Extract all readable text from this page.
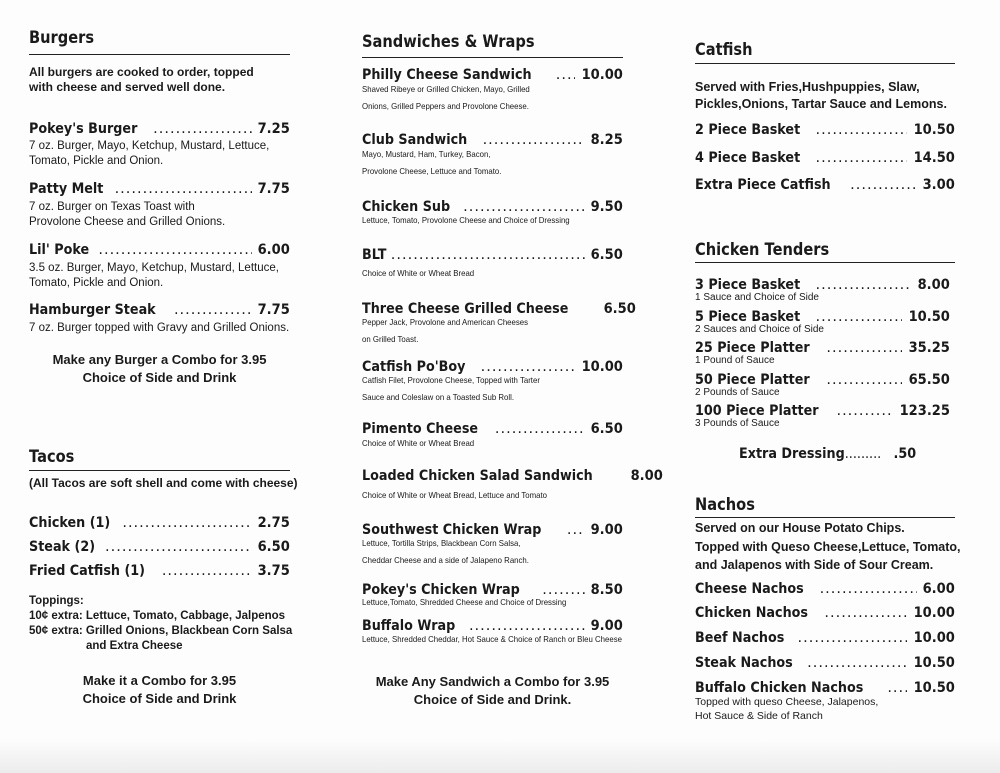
Burgers
All burgers are cooked to order, topped
with cheese and served well done.
Pokey's Burger .....	7.25
7 oz. Burger, Mayo, Ketchup, Mustard, Lettuce,
Tomato, Pickle and Onion.
Patty Melt .....	7.75
7 oz. Burger on Texas Toast with
Provolone Cheese and Grilled Onions.
Lil' Poke .....	6.00
3.5 oz. Burger, Mayo, Ketchup, Mustard, Lettuce,
Tomato, Pickle and Onion.
Hamburger Steak .....	7.75
7 oz. Burger topped with Gravy and Grilled Onions.
Make any Burger a Combo for 3.95
Choice of Side and Drink
Tacos
(All Tacos are soft shell and come with cheese)
Chicken (1) .....	2.75
Steak (2) .....	6.50
Fried Catfish (1) .....	3.75
Toppings:
10¢ extra: Lettuce, Tomato, Cabbage, Jalpenos
50¢ extra: Grilled Onions, Blackbean Corn Salsa
and Extra Cheese
Make it a Combo for 3.95
Choice of Side and Drink
Sandwiches & Wraps
Philly Cheese Sandwich .....	10.00
Shaved Ribeye or Grilled Chicken, Mayo, Grilled
Onions, Grilled Peppers and Provolone Cheese.
Club Sandwich .....	8.25
Mayo, Mustard, Ham, Turkey, Bacon,
Provolone Cheese, Lettuce and Tomato.
Chicken Sub .....	9.50
Lettuce, Tomato, Provolone Cheese and Choice of Dressing
BLT .....	6.50
Choice of White or Wheat Bread
Three Cheese Grilled Cheese 6.50
Pepper Jack, Provolone and American Cheeses
on Grilled Toast.
Catfish Po'Boy .....	10.00
Catfish Filet, Provolone Cheese, Topped with Tarter
Sauce and Coleslaw on a Toasted Sub Roll.
Pimento Cheese .....	6.50
Choice of White or Wheat Bread
Loaded Chicken Salad Sandwich	8.00
Choice of White or Wheat Bread, Lettuce and Tomato
Southwest Chicken Wrap .....	9.00
Lettuce, Tortilla Strips, Blackbean Corn Salsa,
Cheddar Cheese and a side of Jalapeno Ranch.
Pokey's Chicken Wrap .....	8.50
Lettuce,Tomato, Shredded Cheese and Choice of Dressing
Buffalo Wrap .....	9.00
Lettuce, Shredded Cheddar, Hot Sauce & Choice of Ranch or Bleu Cheese
Make Any Sandwich a Combo for 3.95
Choice of Side and Drink.
Catfish
Served with Fries,Hushpuppies, Slaw,
Pickles,Onions, Tartar Sauce and Lemons.
2 Piece Basket .....	10.50
4 Piece Basket .....	14.50
Extra Piece Catfish .....	3.00
Chicken Tenders
3 Piece Basket .....	8.00
1 Sauce and Choice of Side
5 Piece Basket .....	10.50
2 Sauces and Choice of Side
25 Piece Platter .....	35.25
1 Pound of Sauce
50 Piece Platter .....	65.50
2 Pounds of Sauce
100 Piece Platter .....	123.25
3 Pounds of Sauce
Extra Dressing......... .50
Nachos
Served on our House Potato Chips.
Topped with Queso Cheese,Lettuce, Tomato,
and Jalapenos with Side of Sour Cream.
Cheese Nachos .....	6.00
Chicken Nachos .....	10.00
Beef Nachos .....	10.00
Steak Nachos .....	10.50
Buffalo Chicken Nachos .....	10.50
Topped with queso Cheese, Jalapenos,
Hot Sauce & Side of Ranch
